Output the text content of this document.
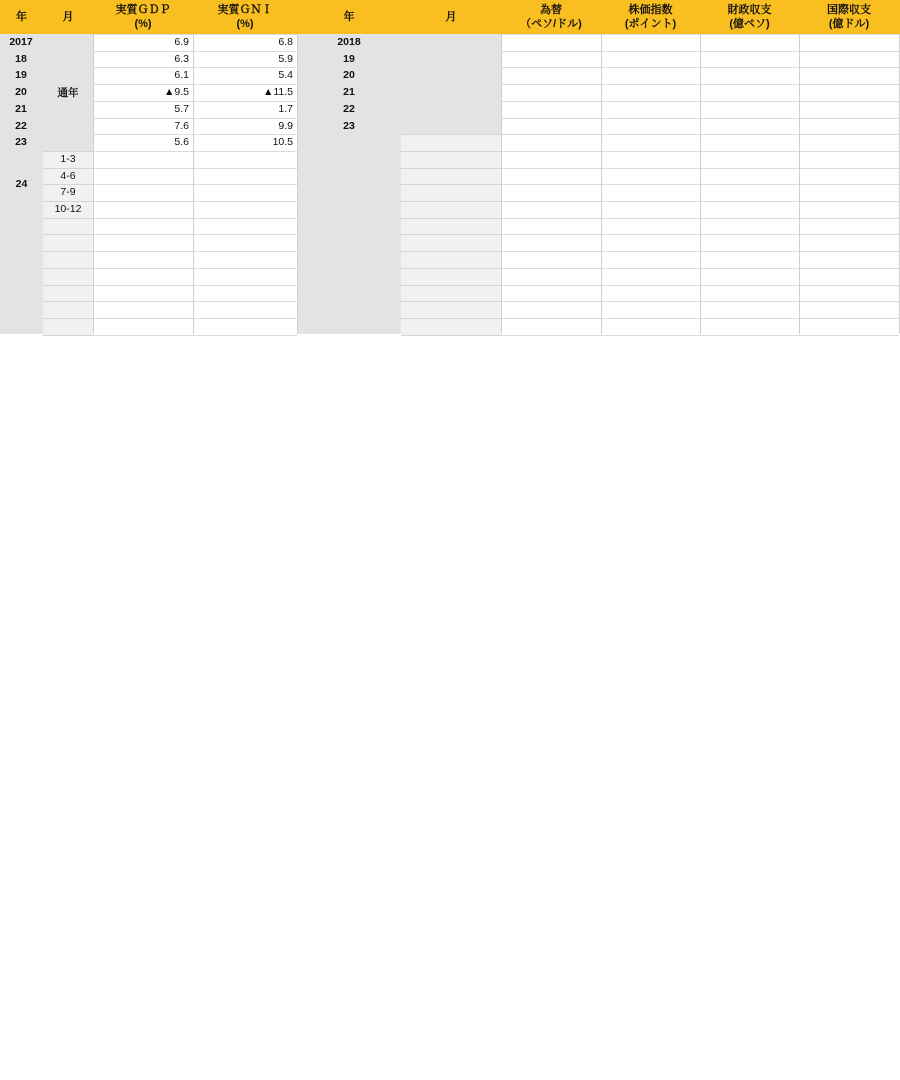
年	月
実質ＧＤＰ
(%)
実質ＧＮＩ
(%)
年	月
為替
（ペソ/ドル)
株価指数
(ポイント)
財政収支
(億ペソ)
国際収支
(億ドル)
2017
18
19
20
21
22
23
通年
24
1-3
4-6
7-9
10-12
6.9
6.3
6.1
▲9.5
5.7
7.6
5.6
6.8
5.9
5.4
▲11.5
1.7
9.9
10.5
2018
19
20
21
22
23
